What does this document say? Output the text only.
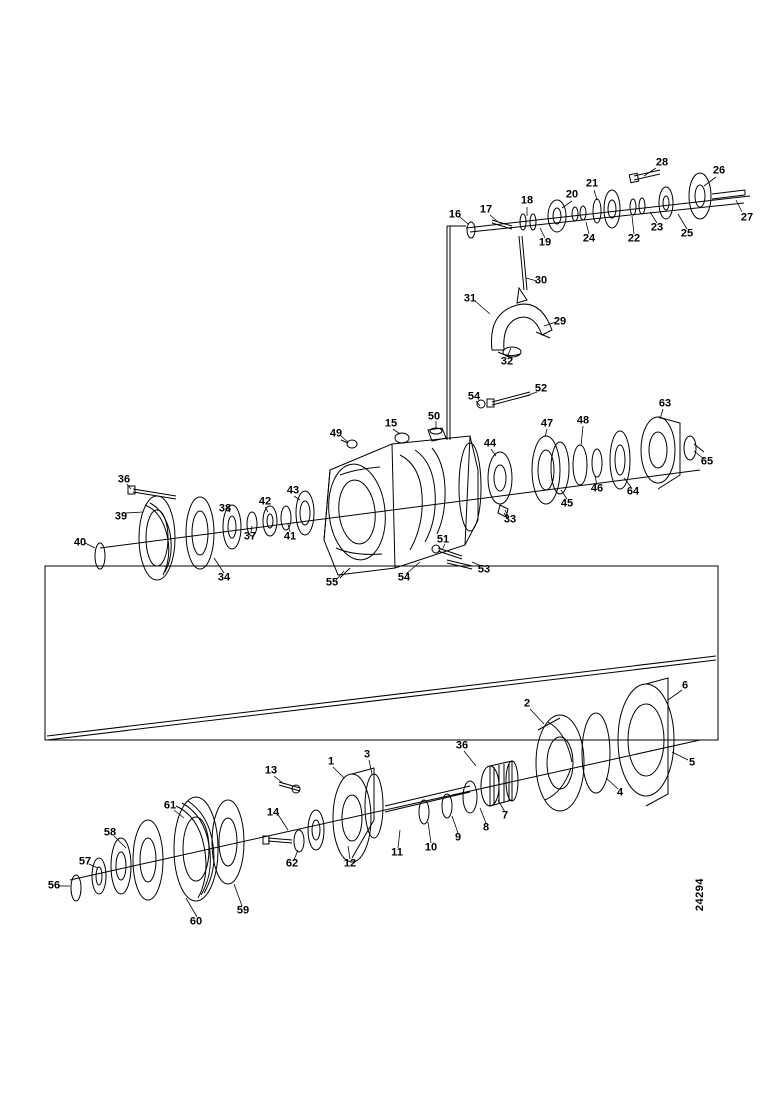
28
26
27
20
21
18
17
16
19	24	22
23 25
30
31
29
32
52
54
63
48
47
50
15
49
44
65
45
46 64
36
39
38
42
43
37	41
40
34	55
51
53
54
33
6
2
5
4
36
3
1
13
14
61
58
57
56
62	12
11 10
9
8
7
60
59	24294
